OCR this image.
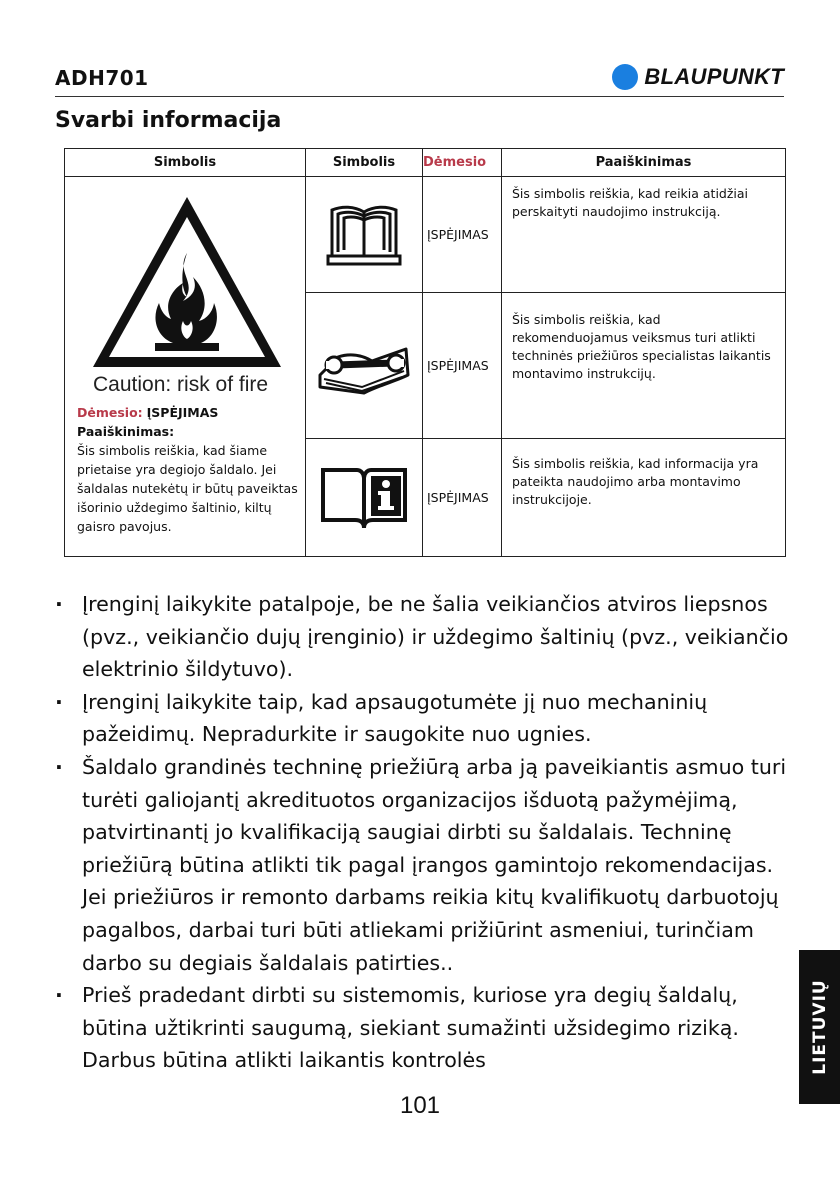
ADH701	BLAUPUNKT
Svarbi informacija
Simbolis	Simbolis	Dėmesio	Paaiškinimas

Caution: risk of fire
Dėmesio: ĮSPĖJIMAS
Paaiškinimas:
Šis simbolis reiškia, kad šiame prietaise yra degiojo šaldalo. Jei šaldalas nutekėtų ir būtų paveiktas išorinio uždegimo šaltinio, kiltų gaisro pavojus.		ĮSPĖJIMAS	Šis simbolis reiškia, kad reikia atidžiai perskaityti naudojimo instrukciją.

	ĮSPĖJIMAS	Šis simbolis reiškia, kad rekomenduojamus veiksmus turi atlikti techninės priežiūros specialistas laikantis montavimo instrukcijų.

	ĮSPĖJIMAS	Šis simbolis reiškia, kad informacija yra pateikta naudojimo arba montavimo instrukcijoje.
· Įrenginį laikykite patalpoje, be ne šalia veikiančios atviros liepsnos (pvz., veikiančio dujų įrenginio) ir uždegimo šaltinių (pvz., veikiančio elektrinio šildytuvo).
· Įrenginį laikykite taip, kad apsaugotumėte jį nuo mechaninių pažeidimų. Nepradurkite ir saugokite nuo ugnies.
· Šaldalo grandinės techninę priežiūrą arba ją paveikiantis asmuo turi turėti galiojantį akredituotos organizacijos išduotą pažymėjimą, patvirtinantį jo kvalifikaciją saugiai dirbti su šaldalais. Techninę priežiūrą būtina atlikti tik pagal įrangos gamintojo rekomendacijas. Jei priežiūros ir remonto darbams reikia kitų kvalifikuotų darbuotojų pagalbos, darbai turi būti atliekami prižiūrint asmeniui, turinčiam darbo su degiais šaldalais patirties..
· Prieš pradedant dirbti su sistemomis, kuriose yra degių šaldalų, būtina užtikrinti saugumą, siekiant sumažinti užsidegimo riziką. Darbus būtina atlikti laikantis kontrolės
101
LIETUVIŲ
